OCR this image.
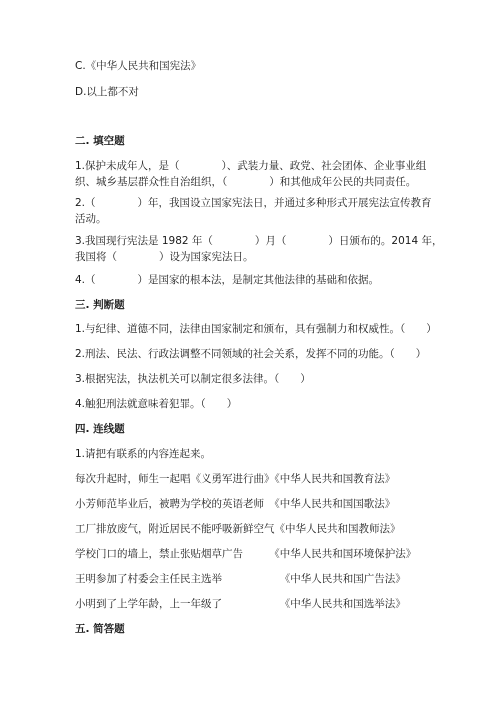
C.《中华人民共和国宪法》
D.以上都不对
二. 填空题
1.保护未成年人，是（　　　　）、武装力量、政党、社会团体、企业事业组
织、城乡基层群众性自治组织，（　　　　）和其他成年公民的共同责任。
2.（　　　　）年，我国设立国家宪法日，并通过多种形式开展宪法宣传教育
活动。
3.我国现行宪法是 1982 年（　　　　）月（　　　　）日颁布的。2014 年，
我国将（　　　　）设为国家宪法日。
4.（　　　　）是国家的根本法，是制定其他法律的基础和依据。
三. 判断题
1.与纪律、道德不同，法律由国家制定和颁布，具有强制力和权威性。（　　）
2.刑法、民法、行政法调整不同领域的社会关系，发挥不同的功能。（　　）
3.根据宪法，执法机关可以制定很多法律。（　　）
4.触犯刑法就意味着犯罪。（　　）
四. 连线题
1.请把有联系的内容连起来。
每次升起时，师生一起唱《义勇军进行曲》《中华人民共和国教育法》
小芳师范毕业后，被聘为学校的英语老师　《中华人民共和国国歌法》
工厂排放废气，附近居民不能呼吸新鲜空气《中华人民共和国教师法》
学校门口的墙上，禁止张贴烟草广告　　　《中华人民共和国环境保护法》
王明参加了村委会主任民主选举　　　　　　《中华人民共和国广告法》
小明到了上学年龄，上一年级了　　　　　　《中华人民共和国选举法》
五. 简答题
